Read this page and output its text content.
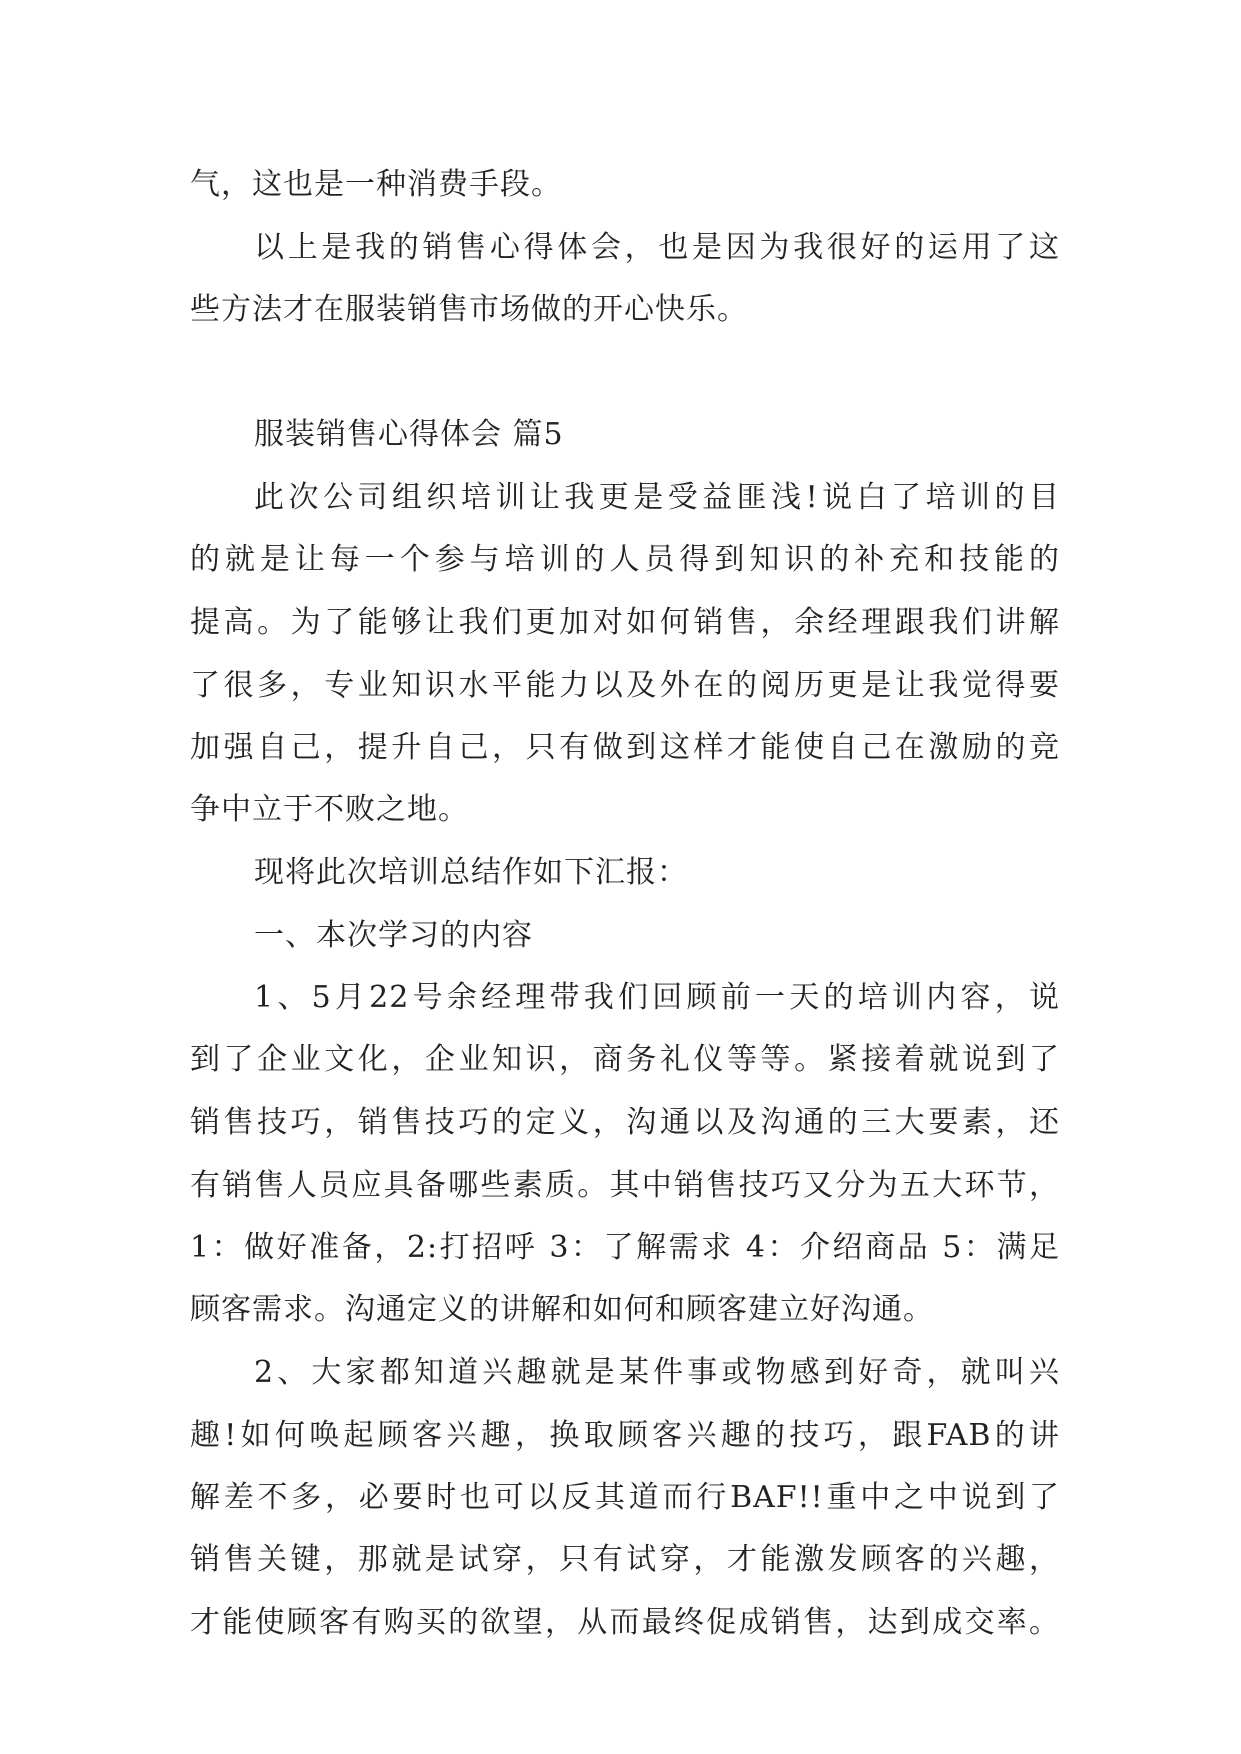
气，这也是一种消费手段。
以上是我的销售心得体会，也是因为我很好的运用了这
些方法才在服装销售市场做的开心快乐。
服装销售心得体会 篇5
此次公司组织培训让我更是受益匪浅!说白了培训的目
的就是让每一个参与培训的人员得到知识的补充和技能的
提高。为了能够让我们更加对如何销售，余经理跟我们讲解
了很多，专业知识水平能力以及外在的阅历更是让我觉得要
加强自己，提升自己，只有做到这样才能使自己在激励的竞
争中立于不败之地。
现将此次培训总结作如下汇报：
一、本次学习的内容
1、5月22号余经理带我们回顾前一天的培训内容，说
到了企业文化，企业知识，商务礼仪等等。紧接着就说到了
销售技巧，销售技巧的定义，沟通以及沟通的三大要素，还
有销售人员应具备哪些素质。其中销售技巧又分为五大环节，
1：做好准备，2:打招呼 3：了解需求 4：介绍商品 5：满足
顾客需求。沟通定义的讲解和如何和顾客建立好沟通。
2、大家都知道兴趣就是某件事或物感到好奇，就叫兴
趣!如何唤起顾客兴趣，换取顾客兴趣的技巧，跟FAB的讲
解差不多，必要时也可以反其道而行BAF!!重中之中说到了
销售关键，那就是试穿，只有试穿，才能激发顾客的兴趣，
才能使顾客有购买的欲望，从而最终促成销售，达到成交率。
